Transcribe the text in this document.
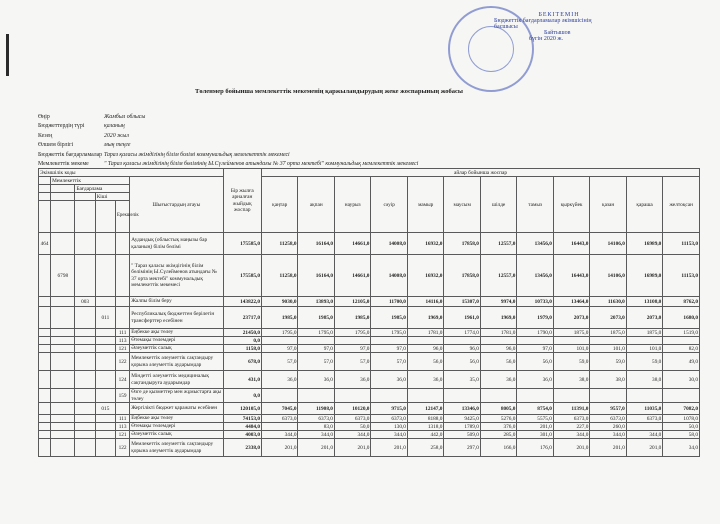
БЕКІТЕМІН
Бюджеттік бағдарламалар әкімшісінің
басшысы
Байтышов
бүгін 2020 ж.
Төленмер бойынша мемлекеттік мекеменің қаржыландырудың жеке жоспарының жобасы
Өңір	Жамбыл облысы
Бюджеттердің түрі	қаланың
Кезең	2020 жыл
Өлшем бірлігі	мың теңге
Бюджеттік бағдарламалар Тараз қаласы әкімдігінің білім болімі коммунальдық мемлекеттік мекемесі
Мемлекеттік мекеме	" Тараз қаласы әкімдігінің білім бөлімінің Ы.Сүлейменов атындағы № 37 орта мектебі" коммунальдық мемлекеттік мекемесі
Экімшілік коды						Бір жылға арналған жыйдық жоспар	айлар бойынша жоспар											
	Мемлекеттік				Шығыстардың атауы		қаңтар	ақпан	наурыз	сәуір	мамыр	маусым	шілде	тамыз	қыркүйек	қазан	қараша	желтоқсан
		Бағдарлама																
			Кіші															
				Ерекшелік														
464					Аудандық (облыстық маңызы бар қаланың) білім бөлімі	175585,0	11258,0	16164,0	14661,0	14008,0	16932,0	17858,0	12557,0	13456,0	16443,0	14106,0	16989,0	11153,0
	6798				" Тараз қаласы әкімдігінің білім бөлімінің Ы.Сүлейменов атындағы № 37 орта мектебі" коммунальдық мемлекеттік мекемесі	175585,0	11258,0	16164,0	14661,0	14008,0	16932,0	17858,0	12557,0	13456,0	16443,0	14106,0	16989,0	11153,0
		003			Жалпы білім беру	143822,0	9030,0	13893,0	12105,0	11700,0	14116,0	15307,0	9974,0	10733,0	13464,0	11630,0	13108,0	8762,0
			011		Республикалық бюджеттен берілетін трансферттер есебінен	23717,0	1985,0	1985,0	1985,0	1985,0	1969,0	1961,0	1969,0	1979,0	2073,0	2073,0	2073,0	1680,0
				111	Еңбекке ақы төлеу	21450,0	1795,0	1795,0	1795,0	1795,0	1781,0	1774,0	1781,0	1790,0	1875,0	1875,0	1875,0	1519,0
				113	Өтемақы төлемдері	0,0												
				121	Әлеуметтік салық	1158,0	97,0	97,0	97,0	97,0	96,0	96,0	96,0	97,0	101,0	101,0	101,0	82,0
				122	Мемлекеттік әлеуметтік сақтандыру қорына әлеуметтік аударымдар	678,0	57,0	57,0	57,0	57,0	56,0	56,0	56,0	56,0	59,0	59,0	59,0	49,0
				124	Міндетті әлеуметтік медициналық сақтандыруға аударымдар	431,0	36,0	36,0	36,0	36,0	36,0	35,0	36,0	36,0	38,0	38,0	38,0	30,0
				159	Өзге де қызметтер мен жұмыстарға ақы төлеу	0,0												
			015		Жергілікті бюджет қаражаты есебінен	120105,0	7045,0	11908,0	10120,0	9715,0	12147,0	13346,0	8005,0	8754,0	11391,0	9557,0	11035,0	7082,0
				111	Еңбекке ақы төлеу	74153,0	6373,0	6373,0	6373,0	6373,0	8188,0	9425,0	5276,0	5575,0	6373,0	6373,0	6373,0	1078,0
				113	Өтемақы төлемдері	4484,0		83,0	50,0	130,0	1318,0	1789,0	376,0	201,0	227,0	260,0		50,0
				121	Әлеуметтік салық	4003,0	344,0	344,0	344,0	344,0	442,0	509,0	285,0	301,0	344,0	344,0	344,0	58,0
				122	Мемлекеттік әлеуметтік сақтандыру қорына әлеуметтік аударымдар	2338,0	201,0	201,0	201,0	201,0	258,0	297,0	166,0	176,0	201,0	201,0	201,0	34,0
